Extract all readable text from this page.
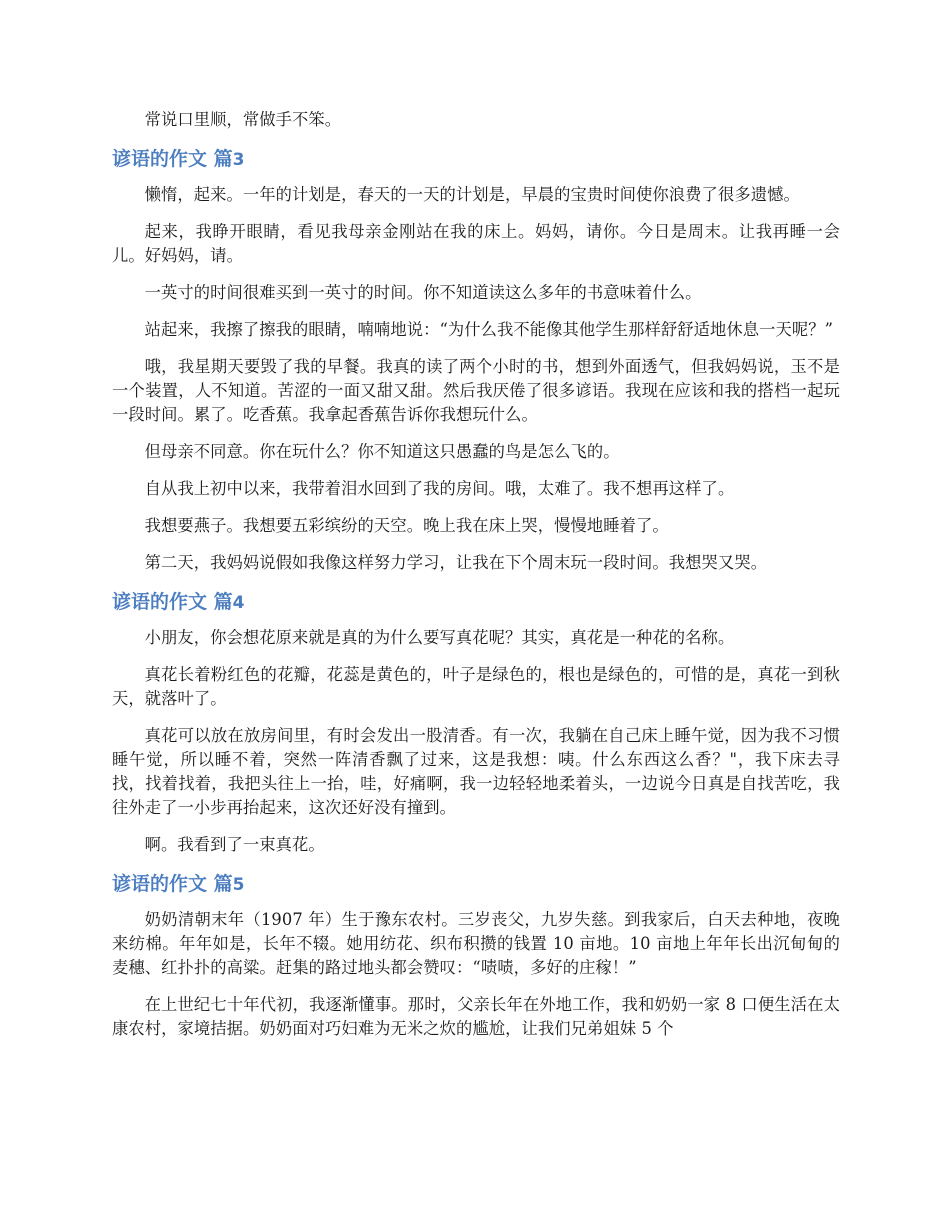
常说口里顺，常做手不笨。

谚语的作文 篇3

懒惰，起来。一年的计划是，春天的一天的计划是，早晨的宝贵时间使你浪费了很多遗憾。

起来，我睁开眼睛，看见我母亲金刚站在我的床上。妈妈，请你。今日是周末。让我再睡一会儿。好妈妈，请。

一英寸的时间很难买到一英寸的时间。你不知道读这么多年的书意味着什么。

站起来，我擦了擦我的眼睛，喃喃地说：“为什么我不能像其他学生那样舒舒适地休息一天呢？”

哦，我星期天要毁了我的早餐。我真的读了两个小时的书，想到外面透气，但我妈妈说，玉不是一个装置，人不知道。苦涩的一面又甜又甜。然后我厌倦了很多谚语。我现在应该和我的搭档一起玩一段时间。累了。吃香蕉。我拿起香蕉告诉你我想玩什么。

但母亲不同意。你在玩什么？你不知道这只愚蠢的鸟是怎么飞的。

自从我上初中以来，我带着泪水回到了我的房间。哦，太难了。我不想再这样了。

我想要燕子。我想要五彩缤纷的天空。晚上我在床上哭，慢慢地睡着了。

第二天，我妈妈说假如我像这样努力学习，让我在下个周末玩一段时间。我想哭又哭。

谚语的作文 篇4

小朋友，你会想花原来就是真的为什么要写真花呢？其实，真花是一种花的名称。

真花长着粉红色的花瓣，花蕊是黄色的，叶子是绿色的，根也是绿色的，可惜的是，真花一到秋天，就落叶了。

真花可以放在放房间里，有时会发出一股清香。有一次，我躺在自己床上睡午觉，因为我不习惯睡午觉，所以睡不着，突然一阵清香飘了过来，这是我想：咦。什么东西这么香？"，我下床去寻找，找着找着，我把头往上一抬，哇，好痛啊，我一边轻轻地柔着头，一边说今日真是自找苦吃，我往外走了一小步再抬起来，这次还好没有撞到。

啊。我看到了一束真花。

谚语的作文 篇5

奶奶清朝末年（1907 年）生于豫东农村。三岁丧父，九岁失慈。到我家后，白天去种地，夜晚来纺棉。年年如是，长年不辍。她用纺花、织布积攒的钱置 10 亩地。10 亩地上年年长出沉甸甸的麦穗、红扑扑的高粱。赶集的路过地头都会赞叹：“啧啧，多好的庄稼！”

在上世纪七十年代初，我逐渐懂事。那时，父亲长年在外地工作，我和奶奶一家 8 口便生活在太康农村，家境拮据。奶奶面对巧妇难为无米之炊的尴尬，让我们兄弟姐妹 5 个
